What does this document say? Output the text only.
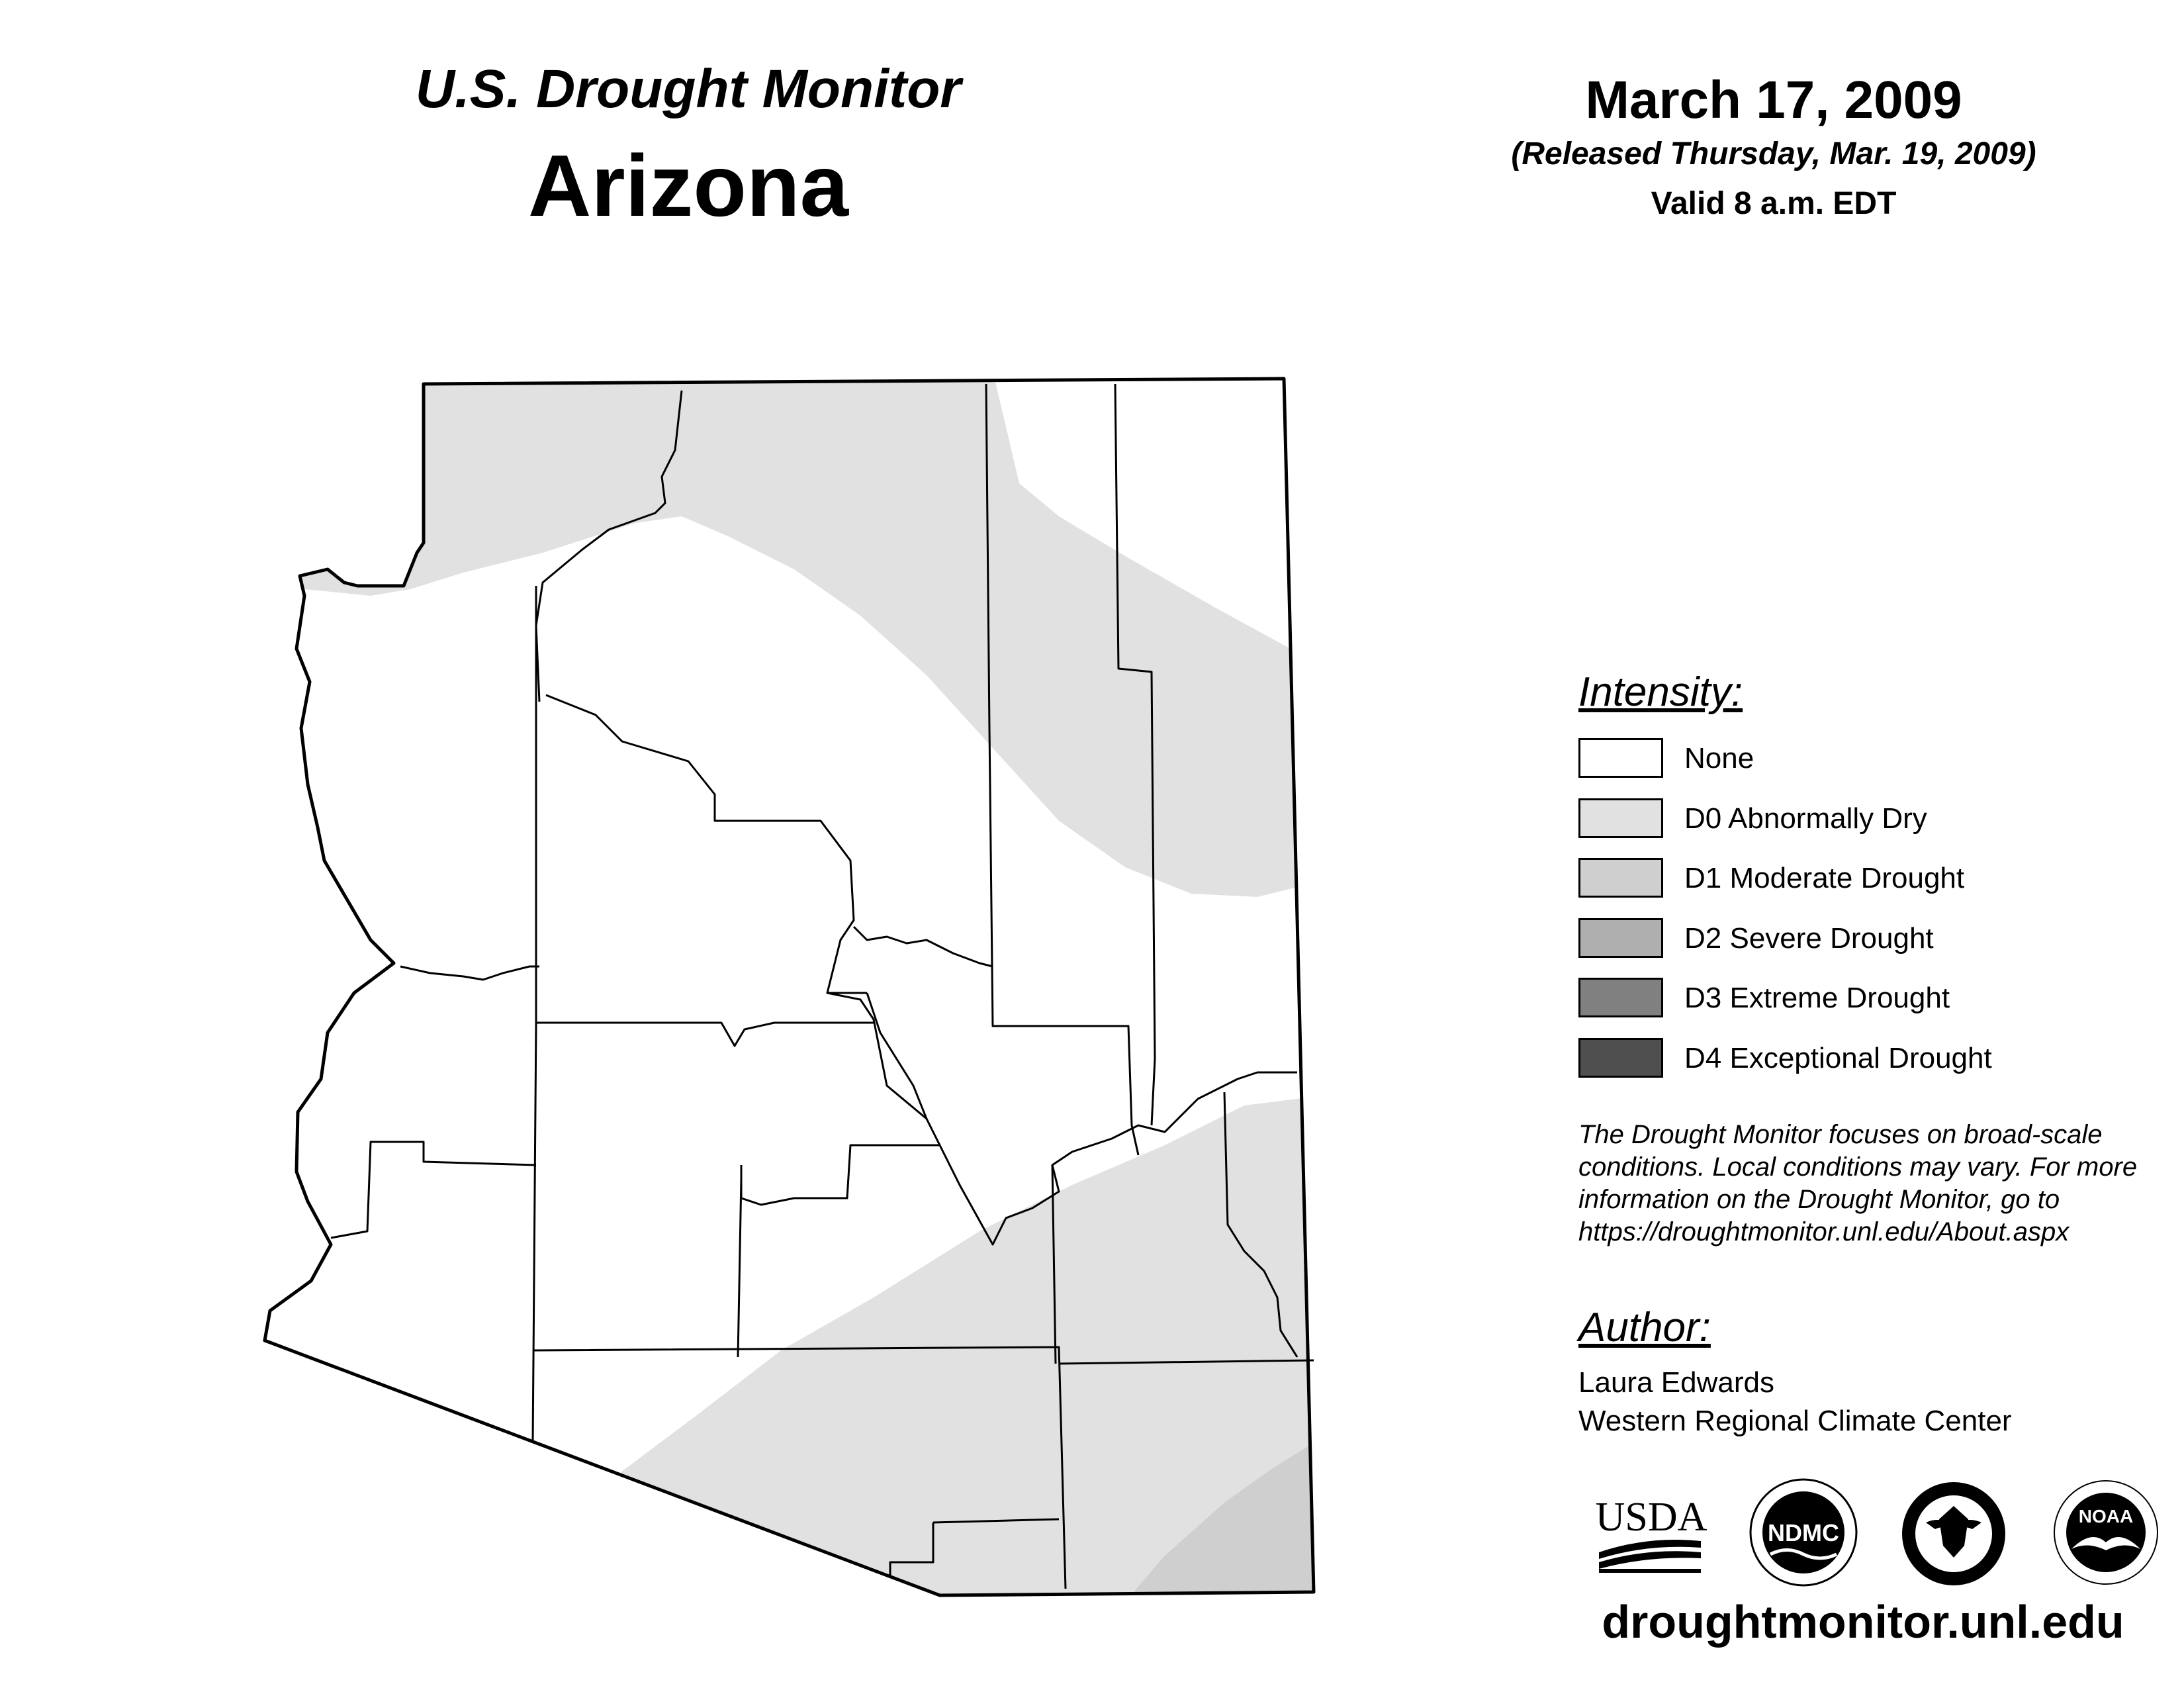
U.S. Drought Monitor
Arizona
March 17, 2009
(Released Thursday, Mar. 19, 2009)
Valid 8 a.m. EDT
Intensity:
None
D0 Abnormally Dry
D1 Moderate Drought
D2 Severe Drought
D3 Extreme Drought
D4 Exceptional Drought
The Drought Monitor focuses on broad-scale conditions. Local conditions may vary. For more information on the Drought Monitor, go to https://droughtmonitor.unl.edu/About.aspx
Author:
Laura Edwards
Western Regional Climate Center
USDA	NDMC
NOAA
droughtmonitor.unl.edu
